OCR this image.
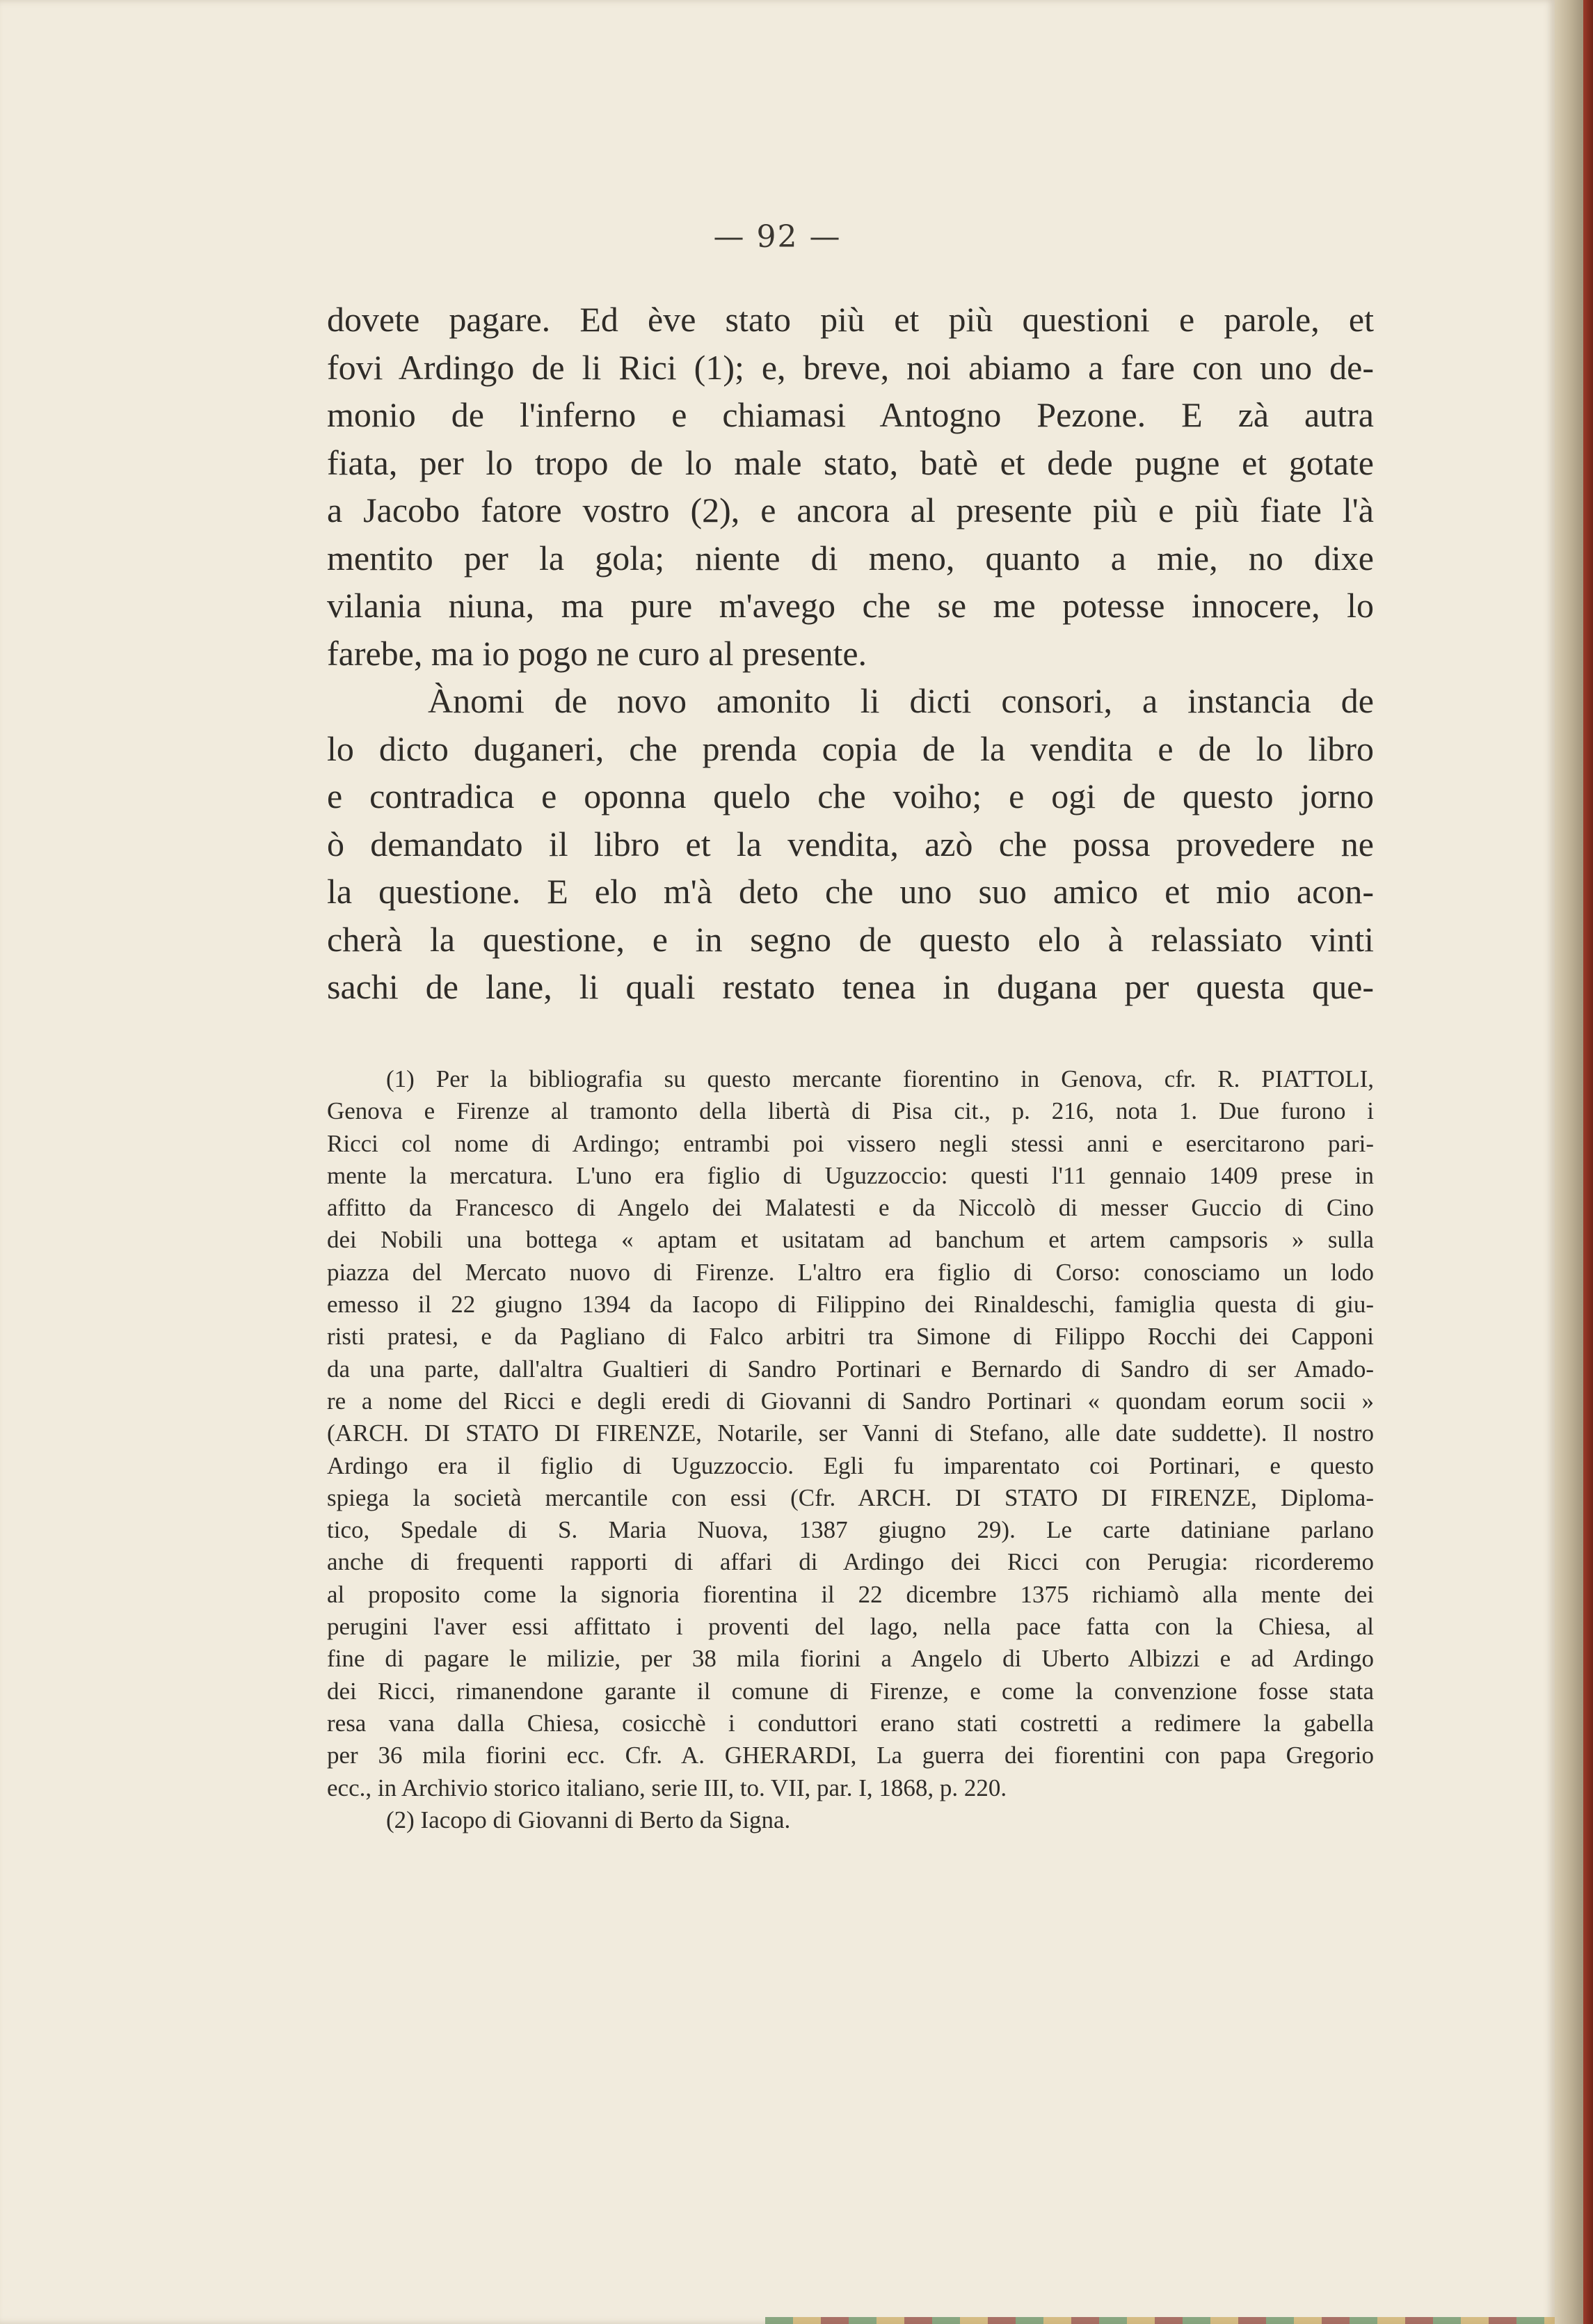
— 92 —
dovete pagare. Ed ève stato più et più questioni e parole, et
fovi Ardingo de li Rici (1); e, breve, noi abiamo a fare con uno de-
monio de l'inferno e chiamasi Antogno Pezone. E zà autra
fiata, per lo tropo de lo male stato, batè et dede pugne et gotate
a Jacobo fatore vostro (2), e ancora al presente più e più fiate l'à
mentito per la gola; niente di meno, quanto a mie, no dixe
vilania niuna, ma pure m'avego che se me potesse innocere, lo
farebe, ma io pogo ne curo al presente.
Ànomi de novo amonito li dicti consori, a instancia de
lo dicto duganeri, che prenda copia de la vendita e de lo libro
e contradica e oponna quelo che voiho; e ogi de questo jorno
ò demandato il libro et la vendita, azò che possa provedere ne
la questione. E elo m'à deto che uno suo amico et mio acon-
cherà la questione, e in segno de questo elo à relassiato vinti
sachi de lane, li quali restato tenea in dugana per questa que-
(1) Per la bibliografia su questo mercante fiorentino in Genova, cfr. R. PIATTOLI,
Genova e Firenze al tramonto della libertà di Pisa cit., p. 216, nota 1. Due furono i
Ricci col nome di Ardingo; entrambi poi vissero negli stessi anni e esercitarono pari-
mente la mercatura. L'uno era figlio di Uguzzoccio: questi l'11 gennaio 1409 prese in
affitto da Francesco di Angelo dei Malatesti e da Niccolò di messer Guccio di Cino
dei Nobili una bottega « aptam et usitatam ad banchum et artem campsoris » sulla
piazza del Mercato nuovo di Firenze. L'altro era figlio di Corso: conosciamo un lodo
emesso il 22 giugno 1394 da Iacopo di Filippino dei Rinaldeschi, famiglia questa di giu-
risti pratesi, e da Pagliano di Falco arbitri tra Simone di Filippo Rocchi dei Capponi
da una parte, dall'altra Gualtieri di Sandro Portinari e Bernardo di Sandro di ser Amado-
re a nome del Ricci e degli eredi di Giovanni di Sandro Portinari « quondam eorum socii »
(ARCH. DI STATO DI FIRENZE, Notarile, ser Vanni di Stefano, alle date suddette). Il nostro
Ardingo era il figlio di Uguzzoccio. Egli fu imparentato coi Portinari, e questo
spiega la società mercantile con essi (Cfr. ARCH. DI STATO DI FIRENZE, Diploma-
tico, Spedale di S. Maria Nuova, 1387 giugno 29). Le carte datiniane parlano
anche di frequenti rapporti di affari di Ardingo dei Ricci con Perugia: ricorderemo
al proposito come la signoria fiorentina il 22 dicembre 1375 richiamò alla mente dei
perugini l'aver essi affittato i proventi del lago, nella pace fatta con la Chiesa, al
fine di pagare le milizie, per 38 mila fiorini a Angelo di Uberto Albizzi e ad Ardingo
dei Ricci, rimanendone garante il comune di Firenze, e come la convenzione fosse stata
resa vana dalla Chiesa, cosicchè i conduttori erano stati costretti a redimere la gabella
per 36 mila fiorini ecc. Cfr. A. GHERARDI, La guerra dei fiorentini con papa Gregorio
ecc., in Archivio storico italiano, serie III, to. VII, par. I, 1868, p. 220.
(2) Iacopo di Giovanni di Berto da Signa.
